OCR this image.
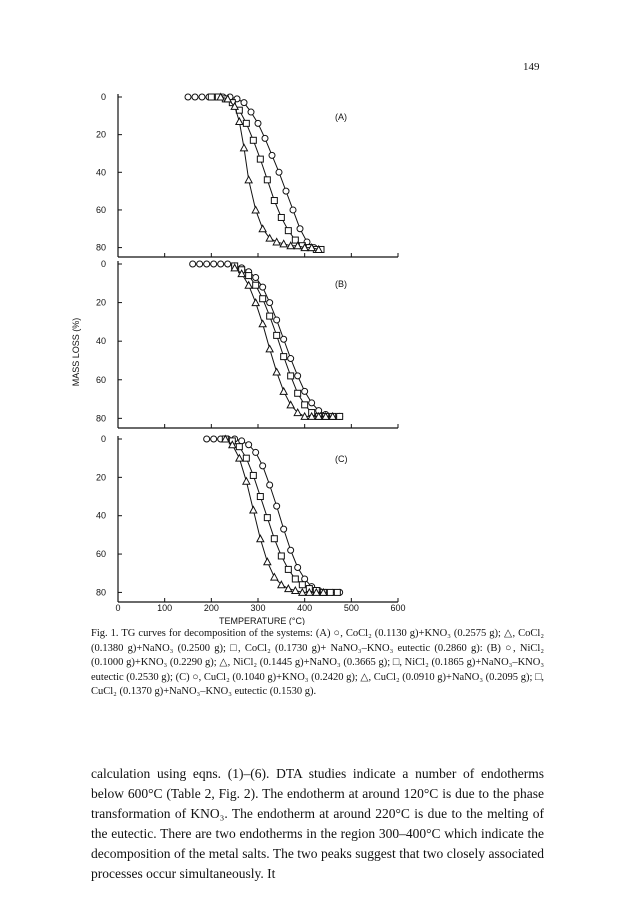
149
0
20
40
60
80
(A)
0
20
40
60
80
(B)
0
20
40
60
80
(C)
0	100	200	300	400	500	600
TEMPERATURE (°C)
MASS LOSS (%)
Fig. 1. TG curves for decomposition of the systems: (A) ○, CoCl₂ (0.1130 g)+KNO₃ (0.2575 g); △, CoCl₂ (0.1380 g)+NaNO₃ (0.2500 g); □, CoCl₂ (0.1730 g)+ NaNO₃–KNO₃ eutectic (0.2860 g): (B) ○, NiCl₂ (0.1000 g)+KNO₃ (0.2290 g); △, NiCl₂ (0.1445 g)+NaNO₃ (0.3665 g); □, NiCl₂ (0.1865 g)+NaNO₃–KNO₃ eutectic (0.2530 g); (C) ○, CuCl₂ (0.1040 g)+KNO₃ (0.2420 g); △, CuCl₂ (0.0910 g)+NaNO₃ (0.2095 g); □, CuCl₂ (0.1370 g)+NaNO₃–KNO₃ eutectic (0.1530 g).
calculation using eqns. (1)–(6). DTA studies indicate a number of endotherms below 600°C (Table 2, Fig. 2). The endotherm at around 120°C is due to the phase transformation of KNO₃. The endotherm at around 220°C is due to the melting of the eutectic. There are two endotherms in the region 300–400°C which indicate the decomposition of the metal salts. The two peaks suggest that two closely associated processes occur simultaneously. It
